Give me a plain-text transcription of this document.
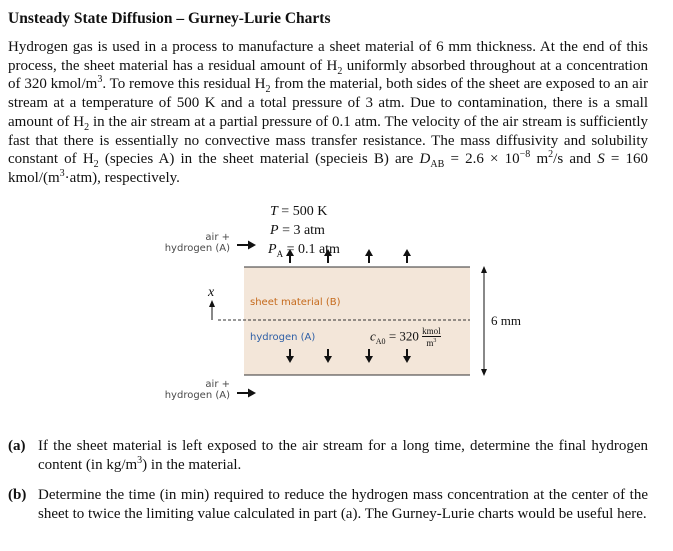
Unsteady State Diffusion – Gurney-Lurie Charts
Hydrogen gas is used in a process to manufacture a sheet material of 6 mm thickness. At the end of this process, the sheet material has a residual amount of $H_2$ uniformly absorbed throughout at a concentration of 320 kmol/$m^3$. To remove this residual $H_2$ from the material, both sides of the sheet are exposed to an air stream at a temperature of 500 K and a total pressure of 3 atm. Due to contamination, there is a small amount of $H_2$ in the air stream at a partial pressure of 0.1 atm. The velocity of the air stream is sufficiently fast that there is essentially no convective mass transfer resistance. The mass diffusivity and solubility constant of $H_2$ (species A) in the sheet material (specieis B) are $D_{AB} = 2.6 \times 10^{-8}$ $m^2/s$ and S = 160 kmol/$(m^3\cdot atm)$, respectively.
T = 500 K
P = 3 atm
$P_A = 0.1$ atm
air +
hydrogen (A)
air +
hydrogen (A)
x
sheet material (B)
hydrogen (A)	$c_{A0} = 320$ kmol
$m^3$
6 mm
(a) If the sheet material is left exposed to the air stream for a long time, determine the final hydrogen content (in $kg/m^3$) in the material.
(b) Determine the time (in min) required to reduce the hydrogen mass concentration at the center of the sheet to twice the limiting value calculated in part (a). The Gurney-Lurie charts would be useful here.
